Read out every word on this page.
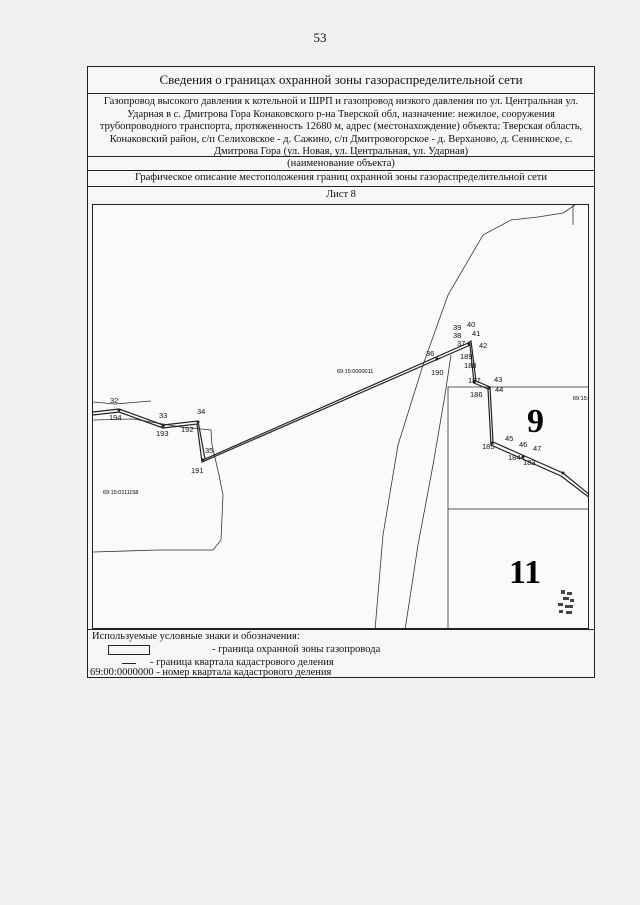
53
Сведения о границах охранной зоны газораспределительной сети
Газопровод высокого давления к котельной и ШРП и газопровод низкого давления по ул. Центральная ул. Ударная в с. Дмитрова Гора Конаковского р-на Тверской обл, назначение: нежилое, сооружения трубопроводного транспорта, протяженность 12680 м, адрес (местонахождение) объекта: Тверская область, Конаковский район, с/п Селиховское - д. Сажино, с/п Дмитровогорское - д. Верханово, д. Сенинское, с. Дмитрова Гора (ул. Новая, ул. Центральная, ул. Ударная)
(наименование объекта)
Графическое описание местоположения границ охранной зоны газораспределительной сети
Лист 8
69:15:0000011
69:15:0111158
69:15:
9
11
32
194	33
193
34
192
35
191
36
190
39 40
38 41
37 42
189
188
187 43
44
186
45
185	46 47
184
183
Используемые условные знаки и обозначения:
- граница охранной зоны газопровода
- граница квартала кадастрового деления
69:00:0000000 - номер квартала кадастрового деления
